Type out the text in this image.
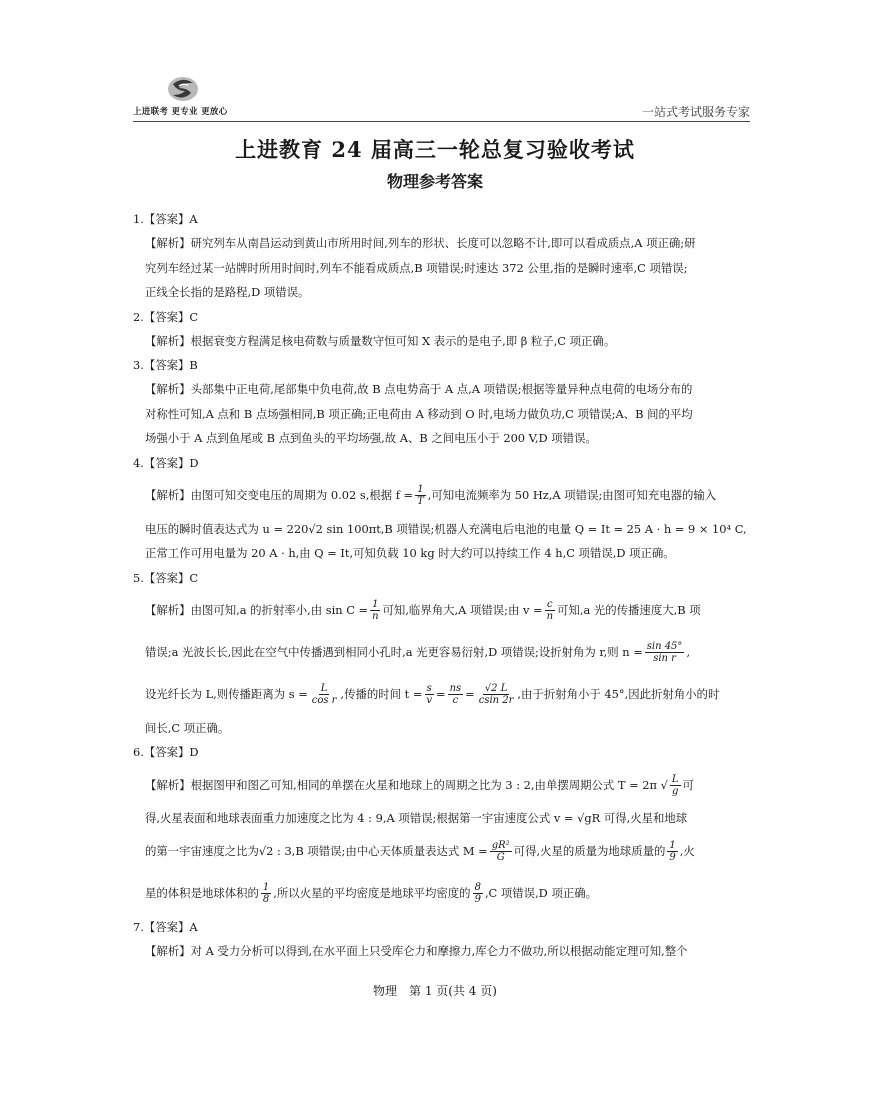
上进联考 更专业 更放心	一站式考试服务专家
上进教育 24 届高三一轮总复习验收考试
物理参考答案
1.【答案】A
【解析】研究列车从南昌运动到黄山市所用时间,列车的形状、长度可以忽略不计,即可以看成质点,A 项正确;研
究列车经过某一站牌时所用时间时,列车不能看成质点,B 项错误;时速达 372 公里,指的是瞬时速率,C 项错误;
正线全长指的是路程,D 项错误。
2.【答案】C
【解析】根据衰变方程满足核电荷数与质量数守恒可知 X 表示的是电子,即 β 粒子,C 项正确。
3.【答案】B
【解析】头部集中正电荷,尾部集中负电荷,故 B 点电势高于 A 点,A 项错误;根据等量异种点电荷的电场分布的
对称性可知,A 点和 B 点场强相同,B 项正确;正电荷由 A 移动到 O 时,电场力做负功,C 项错误;A、B 间的平均
场强小于 A 点到鱼尾或 B 点到鱼头的平均场强,故 A、B 之间电压小于 200 V,D 项错误。
4.【答案】D
【解析】由图可知交变电压的周期为 0.02 s,根据 $f = \frac{1}{T}$ ,可知电流频率为 50 Hz,A 项错误;由图可知充电器的输入
电压的瞬时值表达式为 u = 220√2 sin 100πt,B 项错误;机器人充满电后电池的电量 Q = It = 25 A · h = 9 × 10⁴ C,
正常工作可用电量为 20 A · h,由 Q = It,可知负载 10 kg 时大约可以持续工作 4 h,C 项错误,D 项正确。
5.【答案】C
【解析】由图可知,a 的折射率小,由 $\sin C = \frac{1}{n}$ 可知,临界角大,A 项错误;由 $v = \frac{c}{n}$ 可知,a 光的传播速度大,B 项
错误;a 光波长长,因此在空气中传播遇到相同小孔时,a 光更容易衍射,D 项错误;设折射角为 r,则 $n = \frac{\sin 45^\circ}{\text{sin r}}$ ,
设光纤长为 L,则传播距离为 $s = \frac{L}{\text{cos r}}$ ,传播的时间 $t = \frac{s}{v} = \frac{ns}{c} = \frac{√2 L}{csin 2r}$ ,由于折射角小于 45°,因此折射角小的时
间长,C 项正确。
6.【答案】D
【解析】根据图甲和图乙可知,相同的单摆在火星和地球上的周期之比为 3 : 2,由单摆周期公式 T = 2π √ $\frac{L}{g}$ 可
得,火星表面和地球表面重力加速度之比为 4 : 9,A 项错误;根据第一宇宙速度公式 v = √gR 可得,火星和地球
的第一宇宙速度之比为√2 : 3,B 项错误;由中心天体质量表达式 $M = \frac{\text{gR²}}{G}$ 可得,火星的质量为地球质量的 $\frac{1}{9}$ ,火
星的体积是地球体积的 $\frac{1}{8}$ ,所以火星的平均密度是地球平均密度的 $\frac{8}{9} ,C$ 项错误,D 项正确。
7.【答案】A
【解析】对 A 受力分析可以得到,在水平面上只受库仑力和摩擦力,库仑力不做功,所以根据动能定理可知,整个
物理　第 1 页(共 4 页)
